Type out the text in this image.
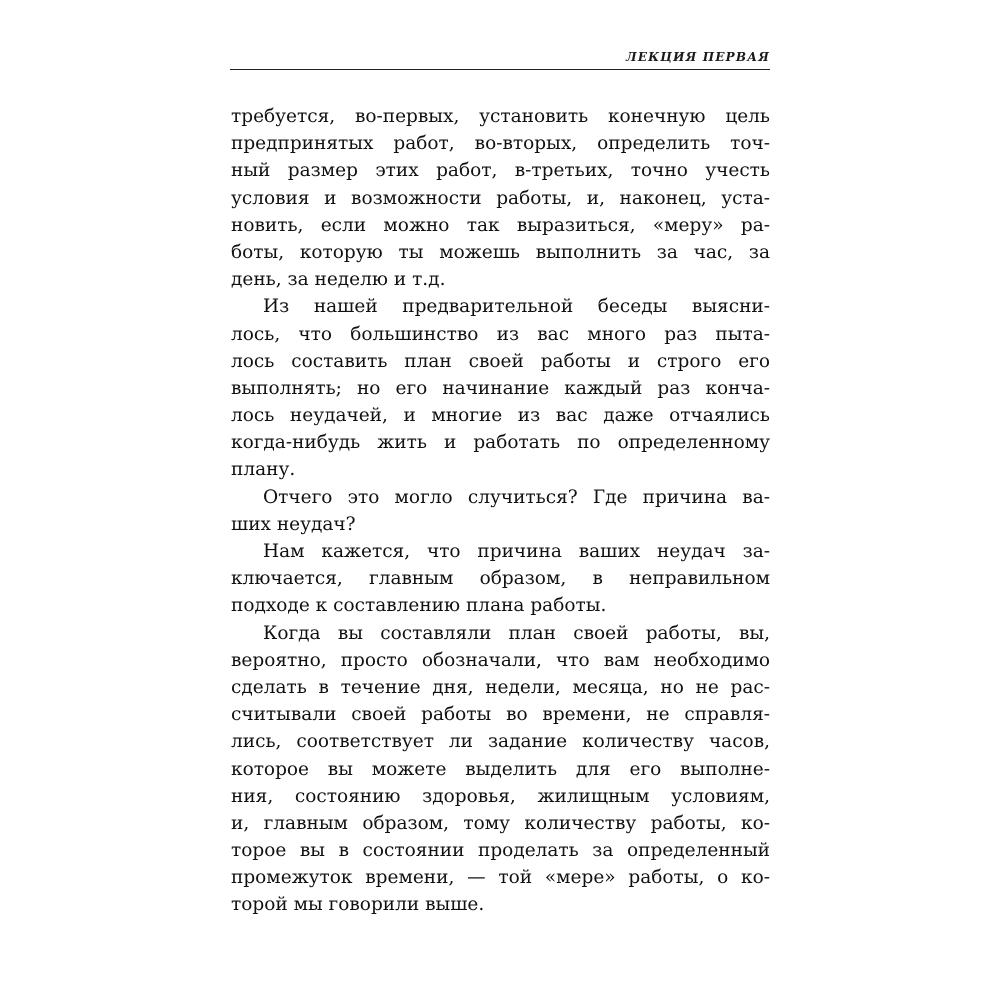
ЛЕКЦИЯ ПЕРВАЯ
требуется, во-первых, установить конечную цель
предпринятых работ, во-вторых, определить точ-
ный размер этих работ, в-третьих, точно учесть
условия и возможности работы, и, наконец, уста-
новить, если можно так выразиться, «меру» ра-
боты, которую ты можешь выполнить за час, за
день, за неделю и т.д.
Из нашей предварительной беседы выясни-
лось, что большинство из вас много раз пыта-
лось составить план своей работы и строго его
выполнять; но его начинание каждый раз конча-
лось неудачей, и многие из вас даже отчаялись
когда-нибудь жить и работать по определенному
плану.
Отчего это могло случиться? Где причина ва-
ших неудач?
Нам кажется, что причина ваших неудач за-
ключается, главным образом, в неправильном
подходе к составлению плана работы.
Когда вы составляли план своей работы, вы,
вероятно, просто обозначали, что вам необходимо
сделать в течение дня, недели, месяца, но не рас-
считывали своей работы во времени, не справля-
лись, соответствует ли задание количеству часов,
которое вы можете выделить для его выполне-
ния, состоянию здоровья, жилищным условиям,
и, главным образом, тому количеству работы, ко-
торое вы в состоянии проделать за определенный
промежуток времени, — той «мере» работы, о ко-
торой мы говорили выше.
